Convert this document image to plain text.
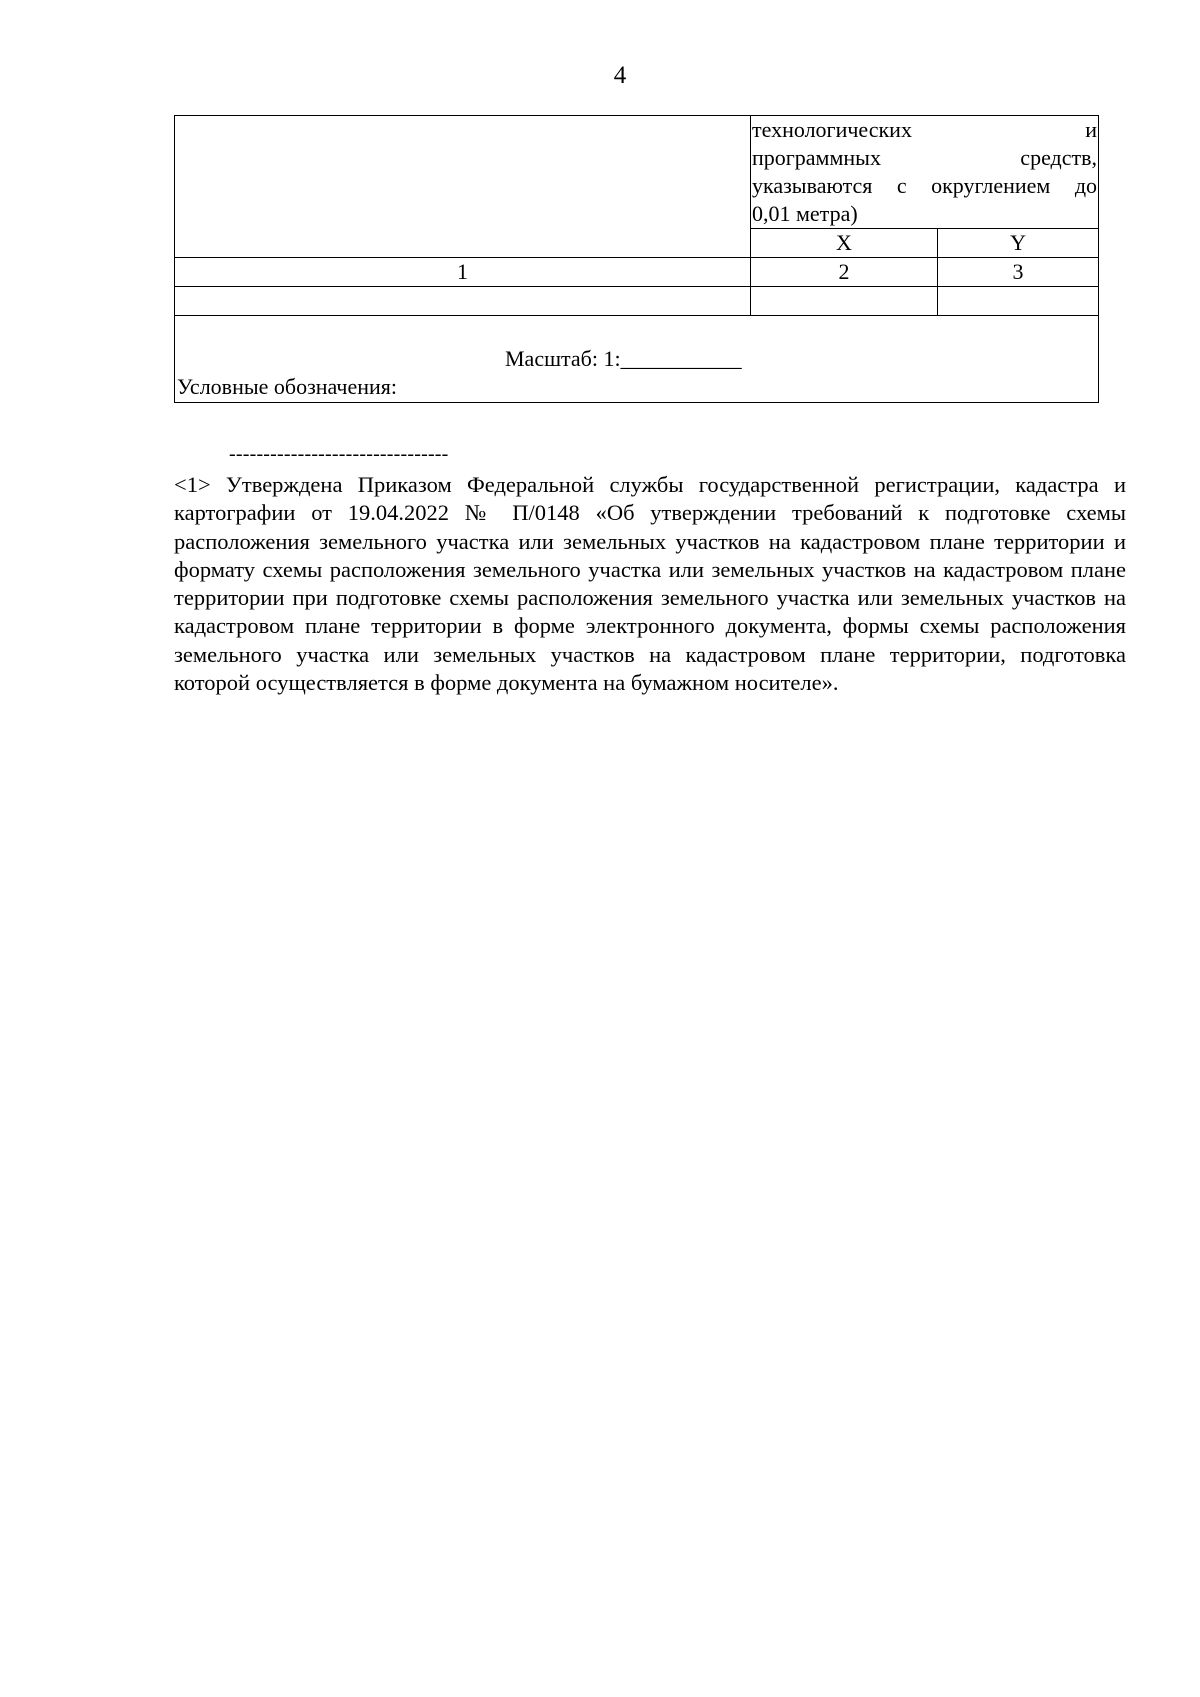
4

	технологических и
программных средств,
указываются с округлением до
0,01 метра)	

	X	Y
1	2	3

Масштаб: 1:___________
Условные обозначения:		
--------------------------------
<1> Утверждена Приказом Федеральной службы государственной регистрации, кадастра и картографии от 19.04.2022 № П/0148 «Об утверждении требований к подготовке схемы расположения земельного участка или земельных участков на кадастровом плане территории и формату схемы расположения земельного участка или земельных участков на кадастровом плане территории при подготовке схемы расположения земельного участка или земельных участков на кадастровом плане территории в форме электронного документа, формы схемы расположения земельного участка или земельных участков на кадастровом плане территории, подготовка которой осуществляется в форме документа на бумажном носителе».
